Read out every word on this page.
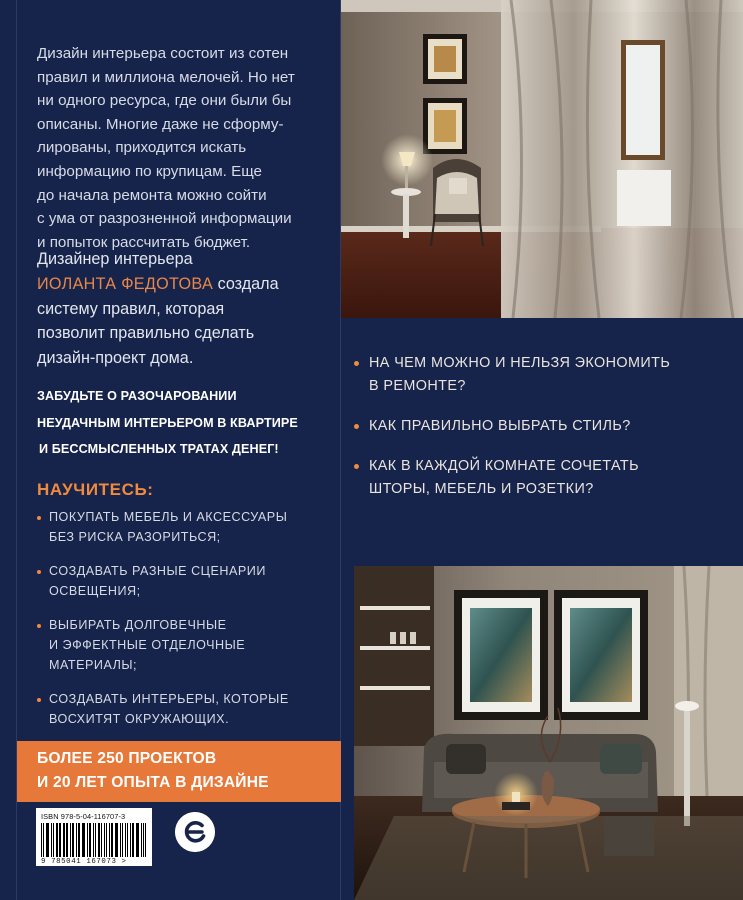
Дизайн интерьера состоит из сотен
правил и миллиона мелочей. Но нет
ни одного ресурса, где они были бы
описаны. Многие даже не сформу-
лированы, приходится искать
информацию по крупицам. Еще
до начала ремонта можно сойти
с ума от разрозненной информации
и попыток рассчитать бюджет.
Дизайнер интерьера
ИОЛАНТА ФЕДОТОВА создала
систему правил, которая
позволит правильно сделать
дизайн-проект дома.
ЗАБУДЬТЕ О РАЗОЧАРОВАНИИ
НЕУДАЧНЫМ ИНТЕРЬЕРОМ В КВАРТИРЕ
И БЕССМЫСЛЕННЫХ ТРАТАХ ДЕНЕГ!
НАУЧИТЕСЬ:
ПОКУПАТЬ МЕБЕЛЬ И АКСЕССУАРЫ
БЕЗ РИСКА РАЗОРИТЬСЯ;
СОЗДАВАТЬ РАЗНЫЕ СЦЕНАРИИ
ОСВЕЩЕНИЯ;
ВЫБИРАТЬ ДОЛГОВЕЧНЫЕ
И ЭФФЕКТНЫЕ ОТДЕЛОЧНЫЕ
МАТЕРИАЛЫ;
СОЗДАВАТЬ ИНТЕРЬЕРЫ, КОТОРЫЕ
ВОСХИТЯТ ОКРУЖАЮЩИХ.
БОЛЕЕ 250 ПРОЕКТОВ
И 20 ЛЕТ ОПЫТА В ДИЗАЙНЕ
ISBN 978-5-04-116707-3
9 785041 167073 >
НА ЧЕМ МОЖНО И НЕЛЬЗЯ ЭКОНОМИТЬ
В РЕМОНТЕ?
КАК ПРАВИЛЬНО ВЫБРАТЬ СТИЛЬ?
КАК В КАЖДОЙ КОМНАТЕ СОЧЕТАТЬ
ШТОРЫ, МЕБЕЛЬ И РОЗЕТКИ?
